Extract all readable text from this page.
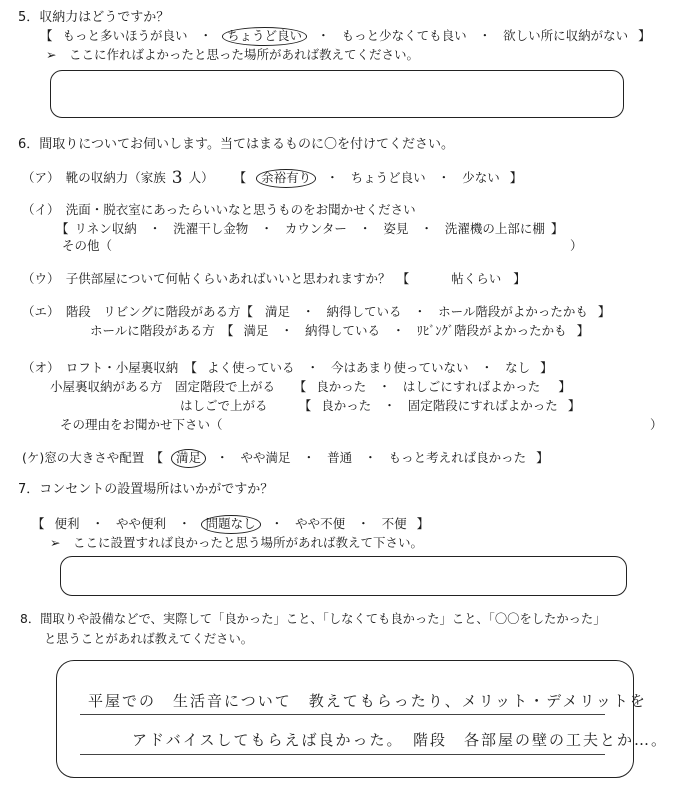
5．収納力はどうですか？
【 もっと多いほうが良い ・	ちょうど良い	・ もっと少なくても良い ・ 欲しい所に収納がない 】
➢　ここに作ればよかったと思った場所があれば教えてください。
6．間取りについてお伺いします。当てはまるものに〇を付けてください。
（ア）　靴の収納力（家族 3 人） 【	余裕有り	・ ちょうど良い ・ 少ない 】
（イ）　洗面・脱衣室にあったらいいなと思うものをお聞かせください
【 リネン収納 ・ 洗濯干し金物 ・ カウンター ・ 姿見 ・ 洗濯機の上部に棚 】
その他（	）
（ウ）　子供部屋について何帖くらいあればいいと思われますか？　【	帖くらい 】
（エ）　階段　リビングに階段がある方【 満足 ・ 納得している ・ ホール階段がよかったかも 】
ホールに階段がある方　【 満足 ・ 納得している ・ ﾘﾋﾞﾝｸﾞ階段がよかったかも 】
（オ）　ロフト・小屋裏収納　【 よく使っている ・ 今はあまり使っていない ・ なし 】
小屋裏収納がある方　固定階段で上がる　　【 良かった ・ はしごにすればよかった 】
はしごで上がる　　　【 良かった ・ 固定階段にすればよかった 】
その理由をお聞かせ下さい（	）
(ケ)窓の大きさや配置　【	満足	・ やや満足 ・ 普通 ・ もっと考えれば良かった 】
7．コンセントの設置場所はいかがですか？
【 便利 ・ やや便利 ・	問題なし	・ やや不便 ・ 不便 】
➢　ここに設置すれば良かったと思う場所があれば教えて下さい。
8．間取りや設備などで、実際して「良かった」こと、「しなくても良かった」こと、「〇〇をしたかった」
と思うことがあれば教えてください。
平屋での　生活音について　教えてもらったり、メリット・デメリットを
アドバイスしてもらえば良かった。　階段　各部屋の壁の工夫とか…。
